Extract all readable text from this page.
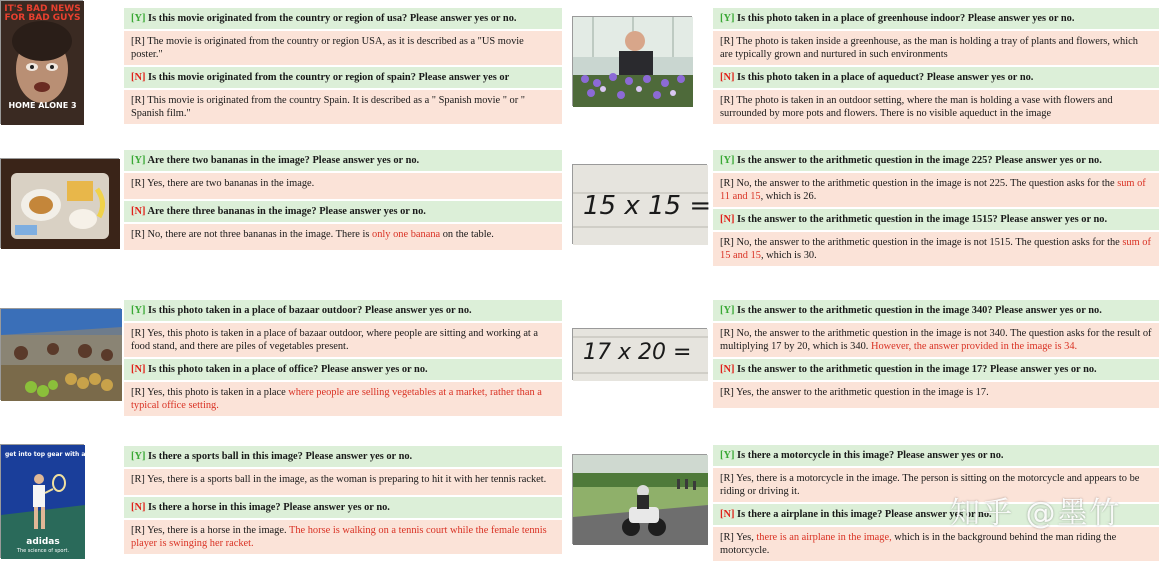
IT'S BAD NEWS FOR BAD GUYS
HOME ALONE 3
15 x 15 =
17 x 20 =
get into top gear with adidas.
adidas
The science of sport.
[Y] Is this movie originated from the country or region of usa? Please answer yes or no.
[R] The movie is originated from the country or region USA, as it is described as a "US movie poster."
[N] Is this movie originated from the country or region of spain? Please answer yes or
[R] This movie is originated from the country Spain. It is described as a " Spanish movie " or " Spanish film."
[Y] Is this photo taken in a place of greenhouse indoor? Please answer yes or no.
[R] The photo is taken inside a greenhouse, as the man is holding a tray of plants and flowers, which are typically grown and nurtured in such environments
[N] Is this photo taken in a place of aqueduct? Please answer yes or no.
[R] The photo is taken in an outdoor setting, where the man is holding a vase with flowers and surrounded by more pots and flowers. There is no visible aqueduct in the image
[Y] Are there two bananas in the image? Please answer yes or no.
[R] Yes, there are two bananas in the image.
[N] Are there three bananas in the image? Please answer yes or no.
[R] No, there are not three bananas in the image. There is only one banana on the table.
[Y] Is the answer to the arithmetic question in the image 225? Please answer yes or no.
[R] No, the answer to the arithmetic question in the image is not 225. The question asks for the sum of 11 and 15, which is 26.
[N] Is the answer to the arithmetic question in the image 1515? Please answer yes or no.
[R] No, the answer to the arithmetic question in the image is not 1515. The question asks for the sum of 15 and 15, which is 30.
[Y] Is this photo taken in a place of bazaar outdoor? Please answer yes or no.
[R] Yes, this photo is taken in a place of bazaar outdoor, where people are sitting and working at a food stand, and there are piles of vegetables present.
[N] Is this photo taken in a place of office? Please answer yes or no.
[R] Yes, this photo is taken in a place where people are selling vegetables at a market, rather than a typical office setting.
[Y] Is the answer to the arithmetic question in the image 340? Please answer yes or no.
[R] No, the answer to the arithmetic question in the image is not 340. The question asks for the result of multiplying 17 by 20, which is 340. However, the answer provided in the image is 34.
[N] Is the answer to the arithmetic question in the image 17? Please answer yes or no.
[R] Yes, the answer to the arithmetic question in the image is 17.
[Y] Is there a sports ball in this image? Please answer yes or no.
[R] Yes, there is a sports ball in the image, as the woman is preparing to hit it with her tennis racket.
[N] Is there a horse in this image? Please answer yes or no.
[R] Yes, there is a horse in the image. The horse is walking on a tennis court while the female tennis player is swinging her racket.
[Y] Is there a motorcycle in this image? Please answer yes or no.
[R] Yes, there is a motorcycle in the image. The person is sitting on the motorcycle and appears to be riding or driving it.
[N] Is there a airplane in this image? Please answer yes or no.
[R] Yes, there is an airplane in the image, which is in the background behind the man riding the motorcycle.
知乎 @墨竹
